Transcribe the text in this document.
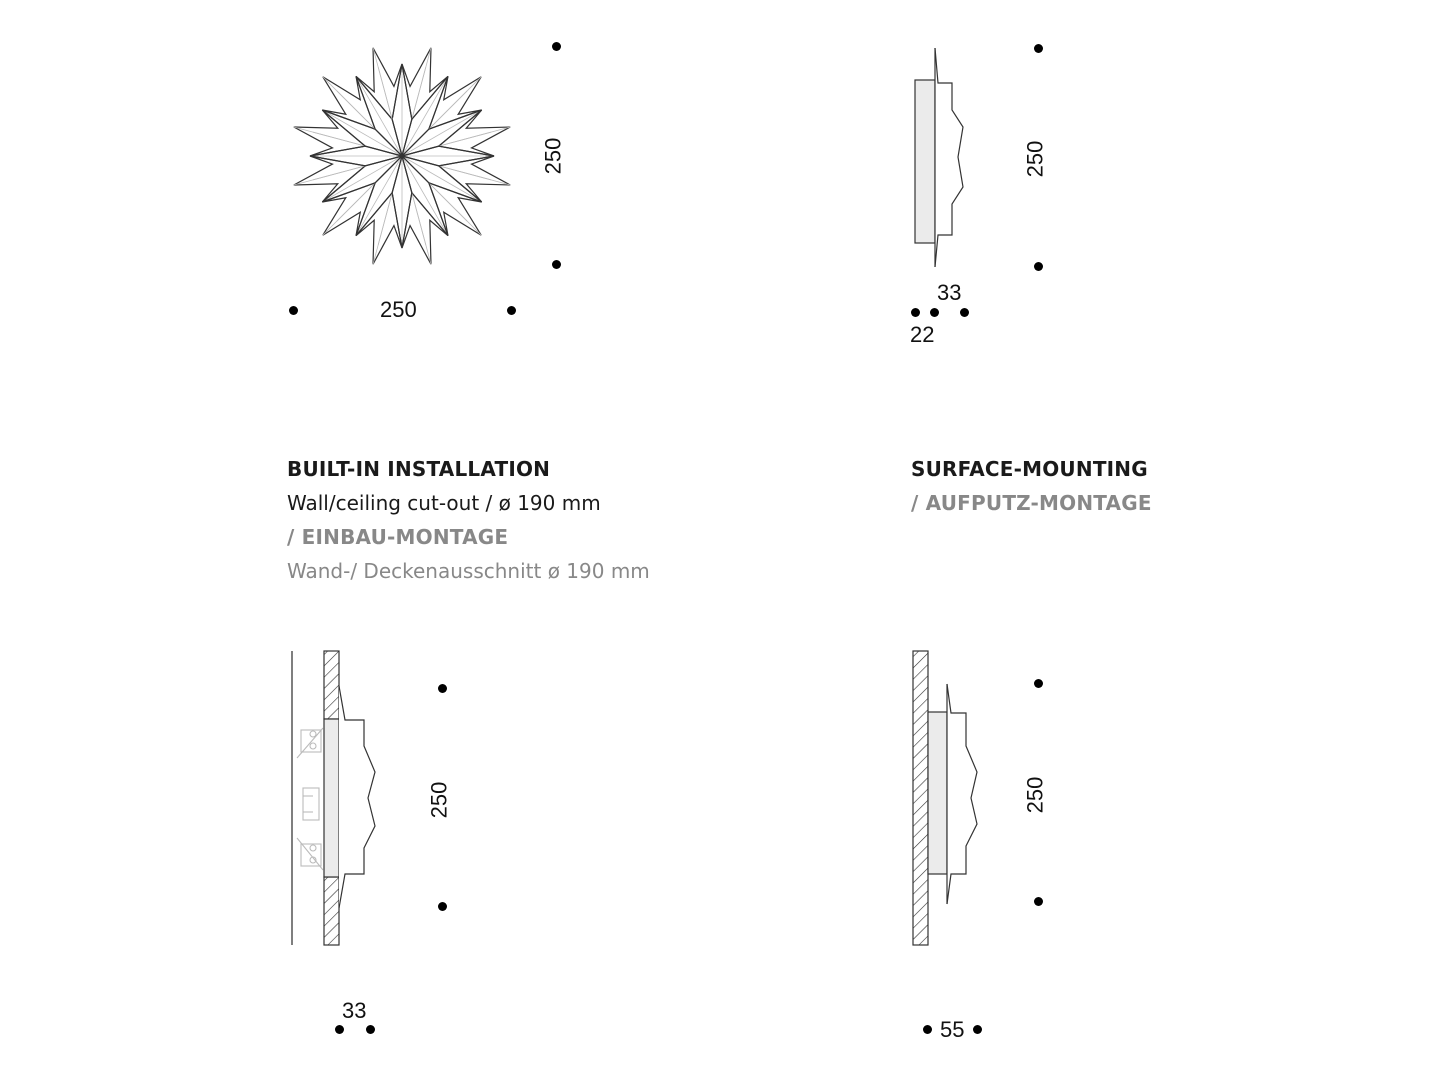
250
250
250
33
22
BUILT-IN INSTALLATION
Wall/ceiling cut-out / ø 190 mm
/ EINBAU-MONTAGE
Wand-/ Deckenausschnitt ø 190 mm
SURFACE-MOUNTING
/ AUFPUTZ-MONTAGE
250
33
250
55
